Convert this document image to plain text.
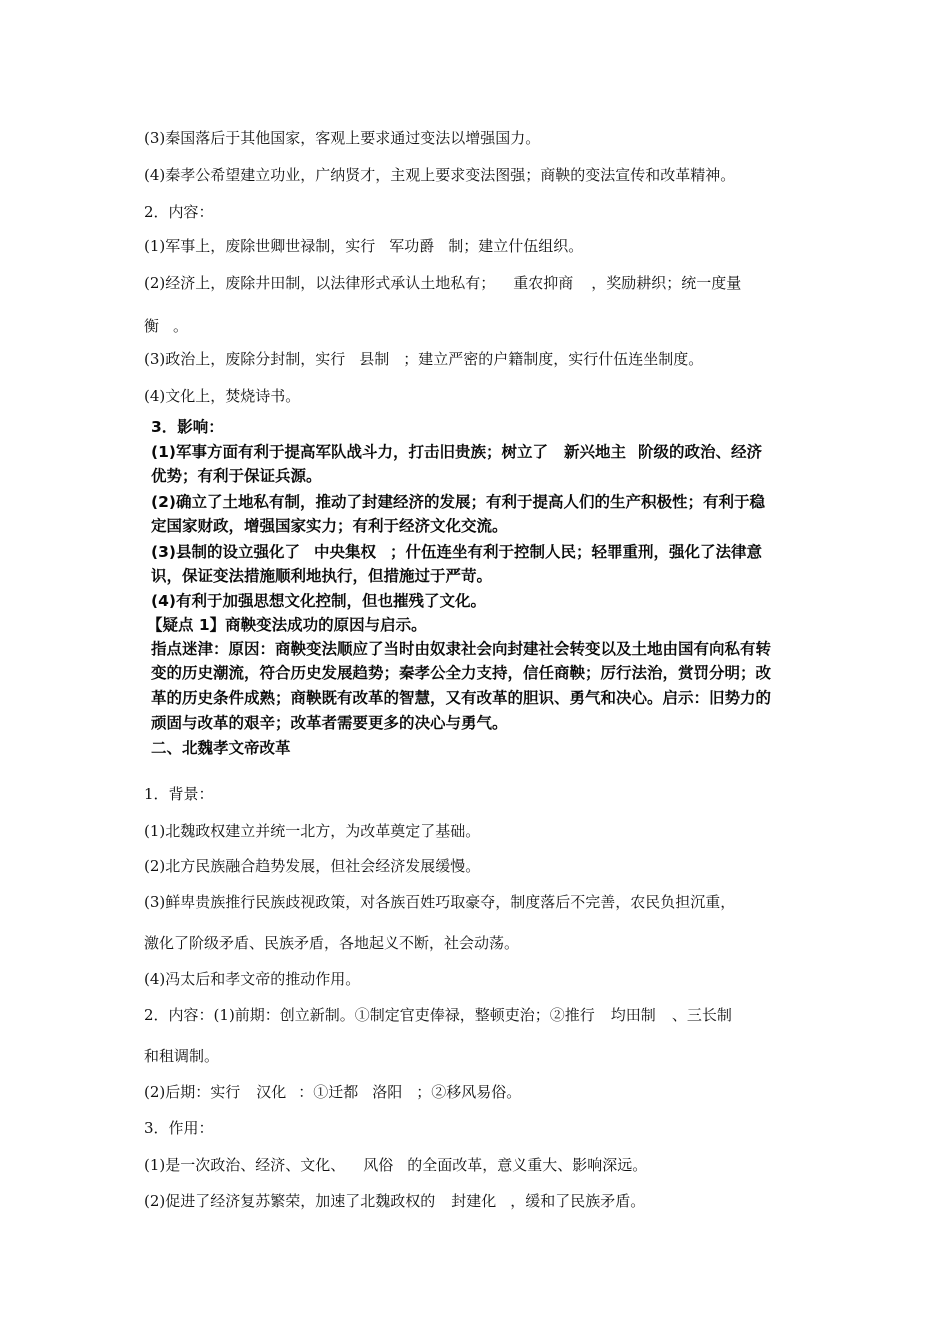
(3)秦国落后于其他国家，客观上要求通过变法以增强国力。
(4)秦孝公希望建立功业，广纳贤才，主观上要求变法图强；商鞅的变法宣传和改革精神。
2．内容：
(1)军事上，废除世卿世禄制，实行 军功爵 制；建立什伍组织。
(2)经济上，废除井田制，以法律形式承认土地私有； 重农抑商 ，奖励耕织；统一度量
衡 。
(3)政治上，废除分封制，实行 县制 ；建立严密的户籍制度，实行什伍连坐制度。
(4)文化上，焚烧诗书。
3．影响：
(1)军事方面有利于提高军队战斗力，打击旧贵族；树立了 新兴地主 阶级的政治、经济
优势；有利于保证兵源。
(2)确立了土地私有制，推动了封建经济的发展；有利于提高人们的生产积极性；有利于稳
定国家财政，增强国家实力；有利于经济文化交流。
(3)县制的设立强化了 中央集权 ；什伍连坐有利于控制人民；轻罪重刑，强化了法律意
识，保证变法措施顺利地执行，但措施过于严苛。
(4)有利于加强思想文化控制，但也摧残了文化。
【疑点 1】商鞅变法成功的原因与启示。
指点迷津：原因：商鞅变法顺应了当时由奴隶社会向封建社会转变以及土地由国有向私有转
变的历史潮流，符合历史发展趋势；秦孝公全力支持，信任商鞅；厉行法治，赏罚分明；改
革的历史条件成熟；商鞅既有改革的智慧，又有改革的胆识、勇气和决心。启示：旧势力的
顽固与改革的艰辛；改革者需要更多的决心与勇气。
二、北魏孝文帝改革
1．背景：
(1)北魏政权建立并统一北方，为改革奠定了基础。
(2)北方民族融合趋势发展，但社会经济发展缓慢。
(3)鲜卑贵族推行民族歧视政策，对各族百姓巧取豪夺，制度落后不完善，农民负担沉重，
激化了阶级矛盾、民族矛盾，各地起义不断，社会动荡。
(4)冯太后和孝文帝的推动作用。
2．内容：(1)前期：创立新制。①制定官吏俸禄，整顿吏治；②推行 均田制 、三长制
和租调制。
(2)后期：实行 汉化 ：①迁都 洛阳 ；②移风易俗。
3．作用：
(1)是一次政治、经济、文化、 风俗 的全面改革，意义重大、影响深远。
(2)促进了经济复苏繁荣，加速了北魏政权的 封建化 ，缓和了民族矛盾。
